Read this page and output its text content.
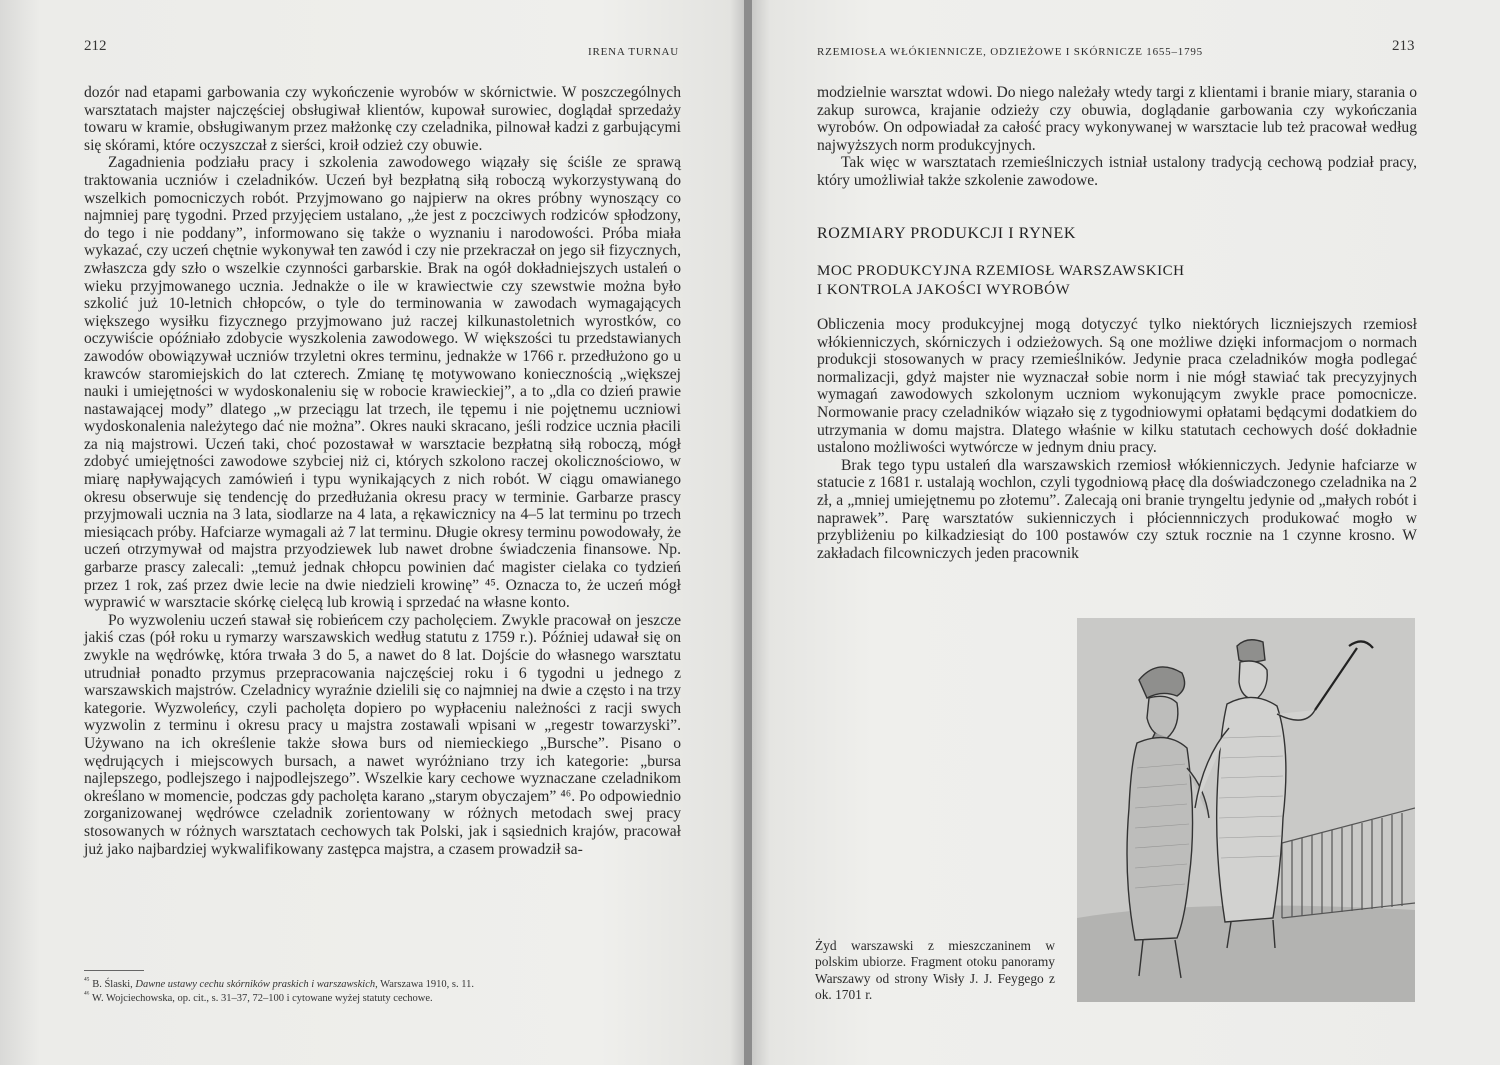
212	IRENA TURNAU

dozór nad etapami garbowania czy wykończenie wyrobów w skórnictwie. W poszczególnych warsztatach majster najczęściej obsługiwał klientów, kupował surowiec, doglądał sprzedaży towaru w kramie, obsługiwanym przez małżonkę czy czeladnika, pilnował kadzi z garbującymi się skórami, które oczyszczał z sierści, kroił odzież czy obuwie.

Zagadnienia podziału pracy i szkolenia zawodowego wiązały się ściśle ze sprawą traktowania uczniów i czeladników. Uczeń był bezpłatną siłą roboczą wykorzystywaną do wszelkich pomocniczych robót. Przyjmowano go najpierw na okres próbny wynoszący co najmniej parę tygodni. Przed przyjęciem ustalano, „że jest z poczciwych rodziców spłodzony, do tego i nie poddany”, informowano się także o wyznaniu i narodowości. Próba miała wykazać, czy uczeń chętnie wykonywał ten zawód i czy nie przekraczał on jego sił fizycznych, zwłaszcza gdy szło o wszelkie czynności garbarskie. Brak na ogół dokładniejszych ustaleń o wieku przyjmowanego ucznia. Jednakże o ile w krawiectwie czy szewstwie można było szkolić już 10-letnich chłopców, o tyle do terminowania w zawodach wymagających większego wysiłku fizycznego przyjmowano już raczej kilkunastoletnich wyrostków, co oczywiście opóźniało zdobycie wyszkolenia zawodowego. W większości tu przedstawianych zawodów obowiązywał uczniów trzyletni okres terminu, jednakże w 1766 r. przedłużono go u krawców staromiejskich do lat czterech. Zmianę tę motywowano koniecznością „większej nauki i umiejętności w wydoskonaleniu się w robocie krawieckiej”, a to „dla co dzień prawie nastawającej mody” dlatego „w przeciągu lat trzech, ile tępemu i nie pojętnemu uczniowi wydoskonalenia należytego dać nie można”. Okres nauki skracano, jeśli rodzice ucznia płacili za nią majstrowi. Uczeń taki, choć pozostawał w warsztacie bezpłatną siłą roboczą, mógł zdobyć umiejętności zawodowe szybciej niż ci, których szkolono raczej okolicznościowo, w miarę napływających zamówień i typu wynikających z nich robót. W ciągu omawianego okresu obserwuje się tendencję do przedłużania okresu pracy w terminie. Garbarze prascy przyjmowali ucznia na 3 lata, siodlarze na 4 lata, a rękawicznicy na 4–5 lat terminu po trzech miesiącach próby. Hafciarze wymagali aż 7 lat terminu. Długie okresy terminu powodowały, że uczeń otrzymywał od majstra przyodziewek lub nawet drobne świadczenia finansowe. Np. garbarze prascy zalecali: „temuż jednak chłopcu powinien dać magister cielaka co tydzień przez 1 rok, zaś przez dwie lecie na dwie niedzieli krowinę” ⁴⁵. Oznacza to, że uczeń mógł wyprawić w warsztacie skórkę cielęcą lub krowią i sprzedać na własne konto.

Po wyzwoleniu uczeń stawał się robieńcem czy pacholęciem. Zwykle pracował on jeszcze jakiś czas (pół roku u rymarzy warszawskich według statutu z 1759 r.). Później udawał się on zwykle na wędrówkę, która trwała 3 do 5, a nawet do 8 lat. Dojście do własnego warsztatu utrudniał ponadto przymus przepracowania najczęściej roku i 6 tygodni u jednego z warszawskich majstrów. Czeladnicy wyraźnie dzielili się co najmniej na dwie a często i na trzy kategorie. Wyzwoleńcy, czyli pacholęta dopiero po wypłaceniu należności z racji swych wyzwolin z terminu i okresu pracy u majstra zostawali wpisani w „regestr towarzyski”. Używano na ich określenie także słowa burs od niemieckiego „Bursche”. Pisano o wędrujących i miejscowych bursach, a nawet wyróżniano trzy ich kategorie: „bursa najlepszego, podlejszego i najpodlejszego”. Wszelkie kary cechowe wyznaczane czeladnikom określano w momencie, podczas gdy pacholęta karano „starym obyczajem” ⁴⁶. Po odpowiednio zorganizowanej wędrówce czeladnik zorientowany w różnych metodach swej pracy stosowanych w różnych warsztatach cechowych tak Polski, jak i sąsiednich krajów, pracował już jako najbardziej wykwalifikowany zastępca majstra, a czasem prowadził sa-

$^{^{45}}$ B. Ślaski, Dawne ustawy cechu skórników praskich i warszawskich, Warszawa 1910, s. 11.

$^{^{46}}$ W. Wojciechowska, op. cit., s. 31–37, 72–100 i cytowane wyżej statuty cechowe.

RZEMIOSŁA WŁÓKIENNICZE, ODZIEŻOWE I SKÓRNICZE 1655–1795	213

modzielnie warsztat wdowi. Do niego należały wtedy targi z klientami i branie miary, starania o zakup surowca, krajanie odzieży czy obuwia, doglądanie garbowania czy wykończania wyrobów. On odpowiadał za całość pracy wykonywanej w warsztacie lub też pracował według najwyższych norm produkcyjnych.

Tak więc w warsztatach rzemieślniczych istniał ustalony tradycją cechową podział pracy, który umożliwiał także szkolenie zawodowe.

ROZMIARY PRODUKCJI I RYNEK
MOC PRODUKCYJNA RZEMIOSŁ WARSZAWSKICH
I KONTROLA JAKOŚCI WYROBÓW

Obliczenia mocy produkcyjnej mogą dotyczyć tylko niektórych liczniejszych rzemiosł włókienniczych, skórniczych i odzieżowych. Są one możliwe dzięki informacjom o normach produkcji stosowanych w pracy rzemieślników. Jedynie praca czeladników mogła podlegać normalizacji, gdyż majster nie wyznaczał sobie norm i nie mógł stawiać tak precyzyjnych wymagań zawodowych szkolonym uczniom wykonującym zwykle prace pomocnicze. Normowanie pracy czeladników wiązało się z tygodniowymi opłatami będącymi dodatkiem do utrzymania w domu majstra. Dlatego właśnie w kilku statutach cechowych dość dokładnie ustalono możliwości wytwórcze w jednym dniu pracy.

Brak tego typu ustaleń dla warszawskich rzemiosł włókienniczych. Jedynie hafciarze w statucie z 1681 r. ustalają wochlon, czyli tygodniową płacę dla doświadczonego czeladnika na 2 zł, a „mniej umiejętnemu po złotemu”. Zalecają oni branie tryngeltu jedynie od „małych robót i naprawek”. Parę warsztatów sukienniczych i płóciennniczych produkować mogło w przybliżeniu po kilkadziesiąt do 100 postawów czy sztuk rocznie na 1 czynne krosno. W zakładach filcowniczych jeden pracownik

Żyd warszawski z mieszczaninem w polskim ubiorze. Fragment otoku panoramy Warszawy od strony Wisły J. J. Feygego z ok. 1701 r.
